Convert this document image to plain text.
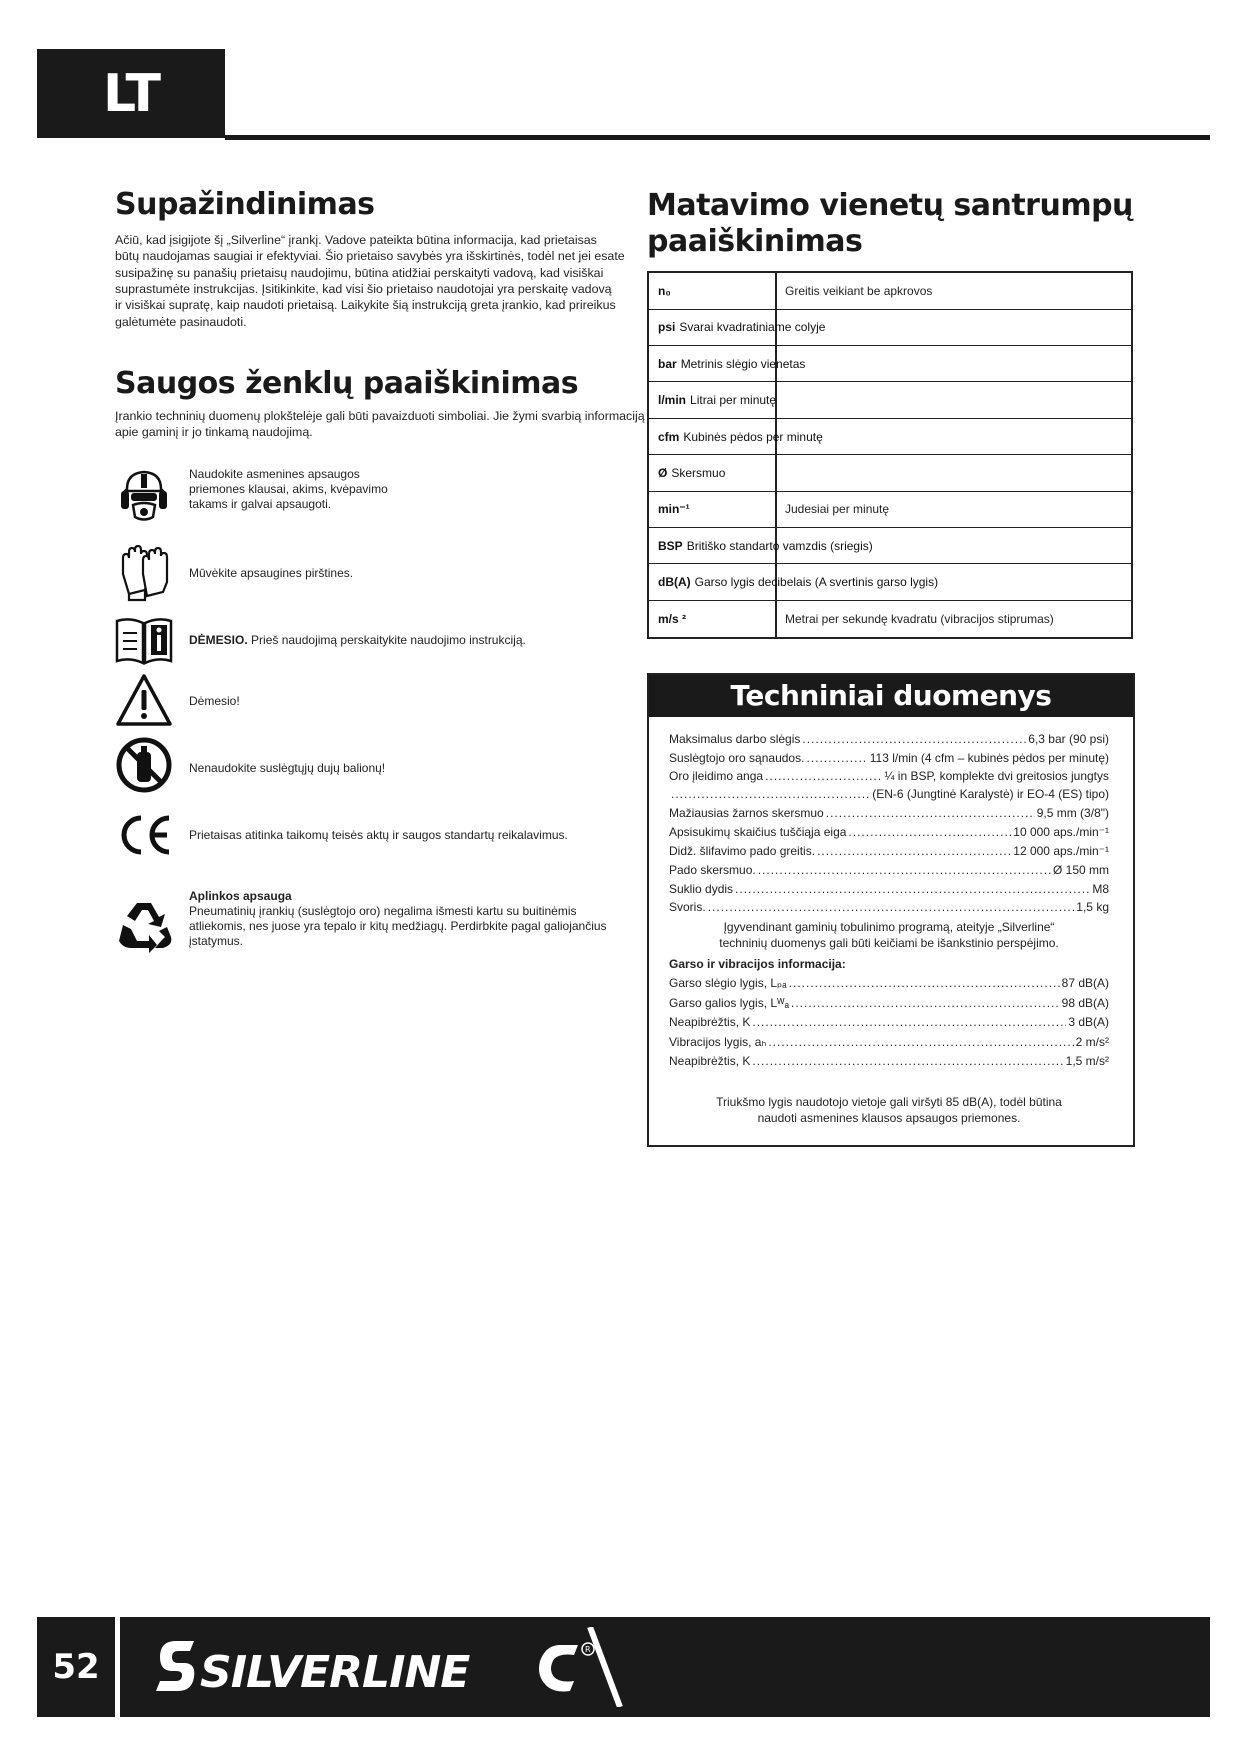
LT
Supažindinimas
Ačiū, kad įsigijote šį „Silverline“ įrankį. Vadove pateikta būtina informacija, kad prietaisas
būtų naudojamas saugiai ir efektyviai. Šio prietaiso savybės yra išskirtinės, todėl net jei esate
susipažinę su panašių prietaisų naudojimu, būtina atidžiai perskaityti vadovą, kad visiškai
suprastumėte instrukcijas. Įsitikinkite, kad visi šio prietaiso naudotojai yra perskaitę vadovą
ir visiškai supratę, kaip naudoti prietaisą. Laikykite šią instrukciją greta įrankio, kad prireikus
galėtumėte pasinaudoti.
Saugos ženklų paaiškinimas
Įrankio techninių duomenų plokštelėje gali būti pavaizduoti simboliai. Jie žymi svarbią informaciją
apie gaminį ir jo tinkamą naudojimą.
Naudokite asmenines apsaugos
priemones klausai, akims, kvėpavimo
takams ir galvai apsaugoti.
Mūvėkite apsaugines pirštines.
DĖMESIO. Prieš naudojimą perskaitykite naudojimo instrukciją.
Dėmesio!
Nenaudokite suslėgtųjų dujų balionų!
Prietaisas atitinka taikomų teisės aktų ir saugos standartų reikalavimus.
Aplinkos apsauga
Pneumatinių įrankių (suslėgtojo oro) negalima išmesti kartu su buitinėmis
atliekomis, nes juose yra tepalo ir kitų medžiagų. Perdirbkite pagal galiojančius
įstatymus.
Matavimo vienetų santrumpų
paaiškinimas
n₀	Greitis veikiant be apkrovos
psi Svarai kvadratiniame colyje
bar Metrinis slėgio vienetas
l/min Litrai per minutę
cfm Kubinės pėdos per minutę
Ø Skersmuo
min⁻¹	Judesiai per minutę
BSP Britiško standarto vamzdis (sriegis)
dB(A) Garso lygis decibelais (A svertinis garso lygis)
m/s ²	Metrai per sekundę kvadratu (vibracijos stiprumas)
Techniniai duomenys
Maksimalus darbo slėgis .....	6,3 bar (90 psi)
Suslėgtojo oro sąnaudos. .....	113 l/min (4 cfm – kubinės pėdos per minutę)
Oro įleidimo anga .....	¼ in BSP, komplekte dvi greitosios jungtys
.....
(EN-6 (Jungtinė Karalystė) ir EO-4 (ES) tipo)
Mažiausias žarnos skersmuo .....	9,5 mm (3/8")
Apsisukimų skaičius tuščiąja eiga .....	10 000 aps./min⁻¹
Didž. šlifavimo pado greitis. .....	12 000 aps./min⁻¹
Pado skersmuo. .....	Ø 150 mm
Suklio dydis .....	M8
Svoris. .....	1,5 kg
Įgyvendinant gaminių tobulinimo programą, ateityje „Silverline“
techninių duomenys gali būti keičiami be išankstinio perspėjimo.
Garso ir vibracijos informacija:
Garso slėgio lygis, Lₚₐ .....	87 dB(A)
Garso galios lygis, Lᵂₐ .....	98 dB(A)
Neapibrėžtis, K .....	3 dB(A)
Vibracijos lygis, aₕ .....	2 m/s²
Neapibrėžtis, K .....	1,5 m/s²
Triukšmo lygis naudotojo vietoje gali viršyti 85 dB(A), todėl būtina
naudoti asmenines klausos apsaugos priemones.
52	SILVERLINE	R
